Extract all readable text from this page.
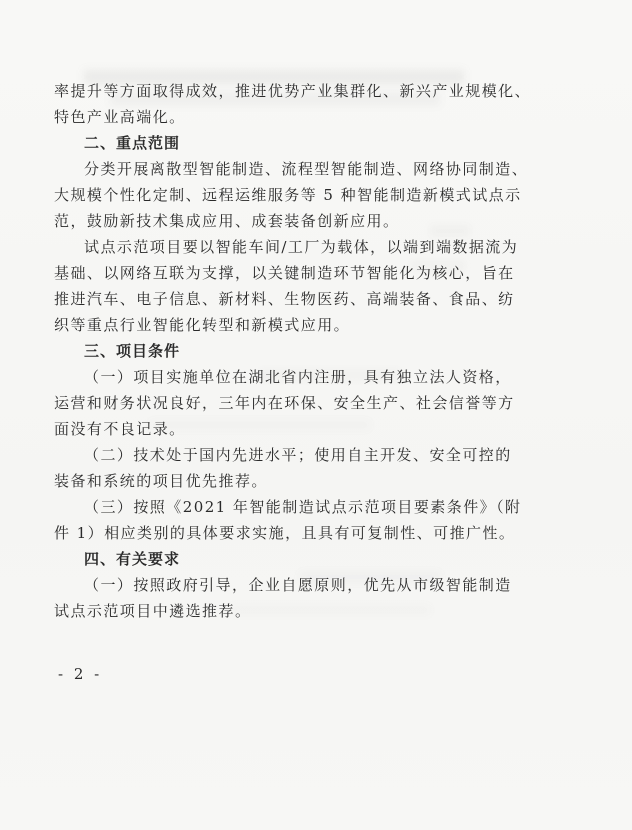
率提升等方面取得成效，推进优势产业集群化、新兴产业规模化、
特色产业高端化。
二、重点范围
分类开展离散型智能制造、流程型智能制造、网络协同制造、
大规模个性化定制、远程运维服务等 5 种智能制造新模式试点示
范，鼓励新技术集成应用、成套装备创新应用。
试点示范项目要以智能车间/工厂为载体，以端到端数据流为
基础、以网络互联为支撑，以关键制造环节智能化为核心，旨在
推进汽车、电子信息、新材料、生物医药、高端装备、食品、纺
织等重点行业智能化转型和新模式应用。
三、项目条件
（一）项目实施单位在湖北省内注册，具有独立法人资格，
运营和财务状况良好，三年内在环保、安全生产、社会信誉等方
面没有不良记录。
（二）技术处于国内先进水平；使用自主开发、安全可控的
装备和系统的项目优先推荐。
（三）按照《2021 年智能制造试点示范项目要素条件》（附
件 1）相应类别的具体要求实施，且具有可复制性、可推广性。
四、有关要求
（一）按照政府引导，企业自愿原则，优先从市级智能制造
试点示范项目中遴选推荐。
- 2 -
